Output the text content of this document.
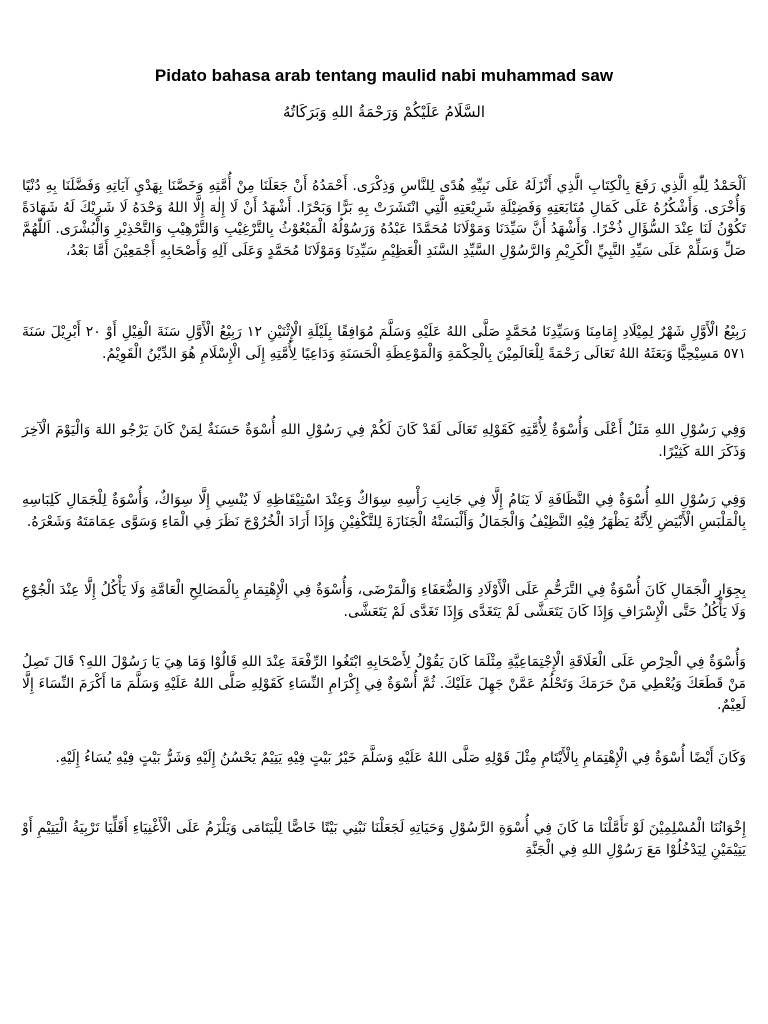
Pidato bahasa arab tentang maulid nabi muhammad saw
السَّلَامُ عَلَيْكُمْ وَرَحْمَةُ اللهِ وَبَرَكَاتُهُ

اَلْحَمْدُ لِلّٰهِ الَّذِي رَفَعَ بِالْكِتَابِ الَّذِي أَنْزَلَهُ عَلَى نَبِيِّهِ هُدًى لِلنَّاسِ وَذِكْرَى. أَحْمَدُهُ أَنْ جَعَلَنَا مِنْ أُمَّتِهِ وَخَصَّنَا بِهَدْيِ آيَاتِهِ وَفَضَّلَنَا بِهِ دُنْيًا وَأُخْرَى. وَأَشْكُرُهُ عَلَى كَمَالِ مُتَابَعَتِهِ وَفَضِيْلَةِ شَرِيْعَتِهِ الَّتِي انْتَشَرَتْ بِهِ بَرًّا وَبَحْرًا. أَشْهَدُ أَنْ لَا إِلٰهَ إِلَّا اللهُ وَحْدَهُ لَا شَرِيْكَ لَهُ شَهَادَةً تَكُوْنُ لَنَا عِنْدَ السُّؤَالِ ذُخْرًا. وَأَشْهَدُ أَنَّ سَيِّدَنَا وَمَوْلَانَا مُحَمَّدًا عَبْدُهُ وَرَسُوْلُهُ الْمَبْعُوْثُ بِالتَّرْغِيْبِ وَالتَّرْهِيْبِ وَالتَّحْذِيْرِ وَالْبُشْرَى. اَللّٰهُمَّ صَلِّ وَسَلِّمْ عَلَى سَيِّدِ النَّبِيِّ الْكَرِيْمِ وَالرَّسُوْلِ السَّيِّدِ السَّنَدِ الْعَظِيْمِ سَيِّدِنَا وَمَوْلَانَا مُحَمَّدٍ وَعَلَى آلِهِ وَأَصْحَابِهِ أَجْمَعِيْنَ أَمَّا بَعْدُ،

رَبِيْعُ الْأَوَّلِ شَهْرٌ لِمِيْلَادِ إِمَامِنَا وَسَيِّدِنَا مُحَمَّدٍ صَلَّى اللهُ عَلَيْهِ وَسَلَّمَ مُوَافِقًا بِلَيْلَةِ الْإِثْنَيْنِ ١٢ رَبِيْعُ الْأَوَّلِ سَنَةَ الْفِيْلِ أَوْ ٢٠ أَبْرِيْلَ سَنَةَ ٥٧١ مَسِيْحِيًّا وَبَعَثَهُ اللهُ تَعَالَى رَحْمَةً لِلْعَالَمِيْنَ بِالْحِكْمَةِ وَالْمَوْعِظَةِ الْحَسَنَةِ وَدَاعِيًا لِأُمَّتِهِ إِلَى الْإِسْلَامِ هُوَ الدِّيْنُ الْقَوِيْمُ.

وَفِي رَسُوْلِ اللهِ مَثَلٌ أَعْلَى وَأُسْوَةٌ لِأُمَّتِهِ كَقَوْلِهِ تَعَالَى لَقَدْ كَانَ لَكُمْ فِي رَسُوْلِ اللهِ أُسْوَةٌ حَسَنَةٌ لِمَنْ كَانَ يَرْجُو اللهَ وَالْيَوْمَ الْآخِرَ وَذَكَرَ اللهَ كَثِيْرًا.

وَفِي رَسُوْلِ اللهِ أُسْوَةٌ فِي النَّظَافَةِ لَا يَنَامُ إِلَّا فِي جَانِبِ رَأْسِهِ سِوَاكٌ وَعِنْدَ اسْتِيْقَاظِهِ لَا يُنْسِي إِلَّا سِوَاكٌ، وَأُسْوَةٌ لِلْجَمَالِ كَلِبَاسِهِ بِالْمَلْبَسِ الْأَبْيَضِ لِأَنَّهُ يَظْهَرُ فِيْهِ النَّظِيْفُ وَالْجَمَالُ وَأَلْبَسَتْهُ الْجَنَازَةَ لِلتَّكْفِيْنِ وَإِذَا أَرَادَ الْخُرُوْجَ نَظَرَ فِي الْمَاءِ وَسَوَّى عِمَامَتَهُ وَشَعْرَهُ.

بِجِوَارِ الْجَمَالِ كَانَ أُسْوَةٌ فِي التَّرَحُّمِ عَلَى الْأَوْلَادِ وَالضُّعَفَاءِ وَالْمَرْضَى، وَأُسْوَةٌ فِي الْإِهْتِمَامِ بِالْمَصَالِحِ الْعَامَّةِ وَلَا يَأْكُلُ إِلَّا عِنْدَ الْجُوْعِ وَلَا يَأْكُلُ حَتَّى الْإِسْرَافِ وَإِذَا كَانَ يَتَعَشَّى لَمْ يَتَغَدَّى وَإِذَا تَغَدَّى لَمْ يَتَعَشَّى.

وَأُسْوَةٌ فِي الْحِرْصِ عَلَى الْعَلَاقَةِ الْإِجْتِمَاعِيَّةِ مِثْلَمَا كَانَ يَقُوْلُ لِأَصْحَابِهِ ابْتَغُوا الرِّفْعَةَ عِنْدَ اللهِ قَالُوْا وَمَا هِيَ يَا رَسُوْلَ اللهِ؟ قَالَ تَصِلُ مَنْ قَطَعَكَ وَيُعْطِي مَنْ حَرَمَكَ وَتَحْلُمُ عَمَّنْ جَهِلَ عَلَيْكَ. ثُمَّ أُسْوَةٌ فِي إِكْرَامِ النِّسَاءِ كَقَوْلِهِ صَلَّى اللهُ عَلَيْهِ وَسَلَّمَ مَا أَكْرَمَ النِّسَاءَ إِلَّا لَعِيْمٌ.

وَكَانَ أَيْضًا أُسْوَةٌ فِي الْإِهْتِمَامِ بِالْأَيْتَامِ مِثْلَ قَوْلِهِ صَلَّى اللهُ عَلَيْهِ وَسَلَّمَ خَيْرُ بَيْتٍ فِيْهِ يَتِيْمٌ يَحْسُنُ إِلَيْهِ وَشَرُّ بَيْتٍ فِيْهِ يُسَاءُ إِلَيْهِ.

إِخْوَانُنَا الْمُسْلِمِيْنَ لَوْ تَأَمَّلْنَا مَا كَانَ فِي أُسْوَةِ الرَّسُوْلِ وَحَيَاتِهِ لَجَعَلْنَا نَبْنِي بَيْتًا خَاصًّا لِلْيَتَامَى وَيَلْزَمُ عَلَى الْأَغْنِيَاءِ أَقَلِّيَا تَرْبِيَةُ الْيَتِيْمِ أَوْ يَتِيْمَيْنِ لِيَدْخُلُوْا مَعَ رَسُوْلِ اللهِ فِي الْجَنَّةِ
